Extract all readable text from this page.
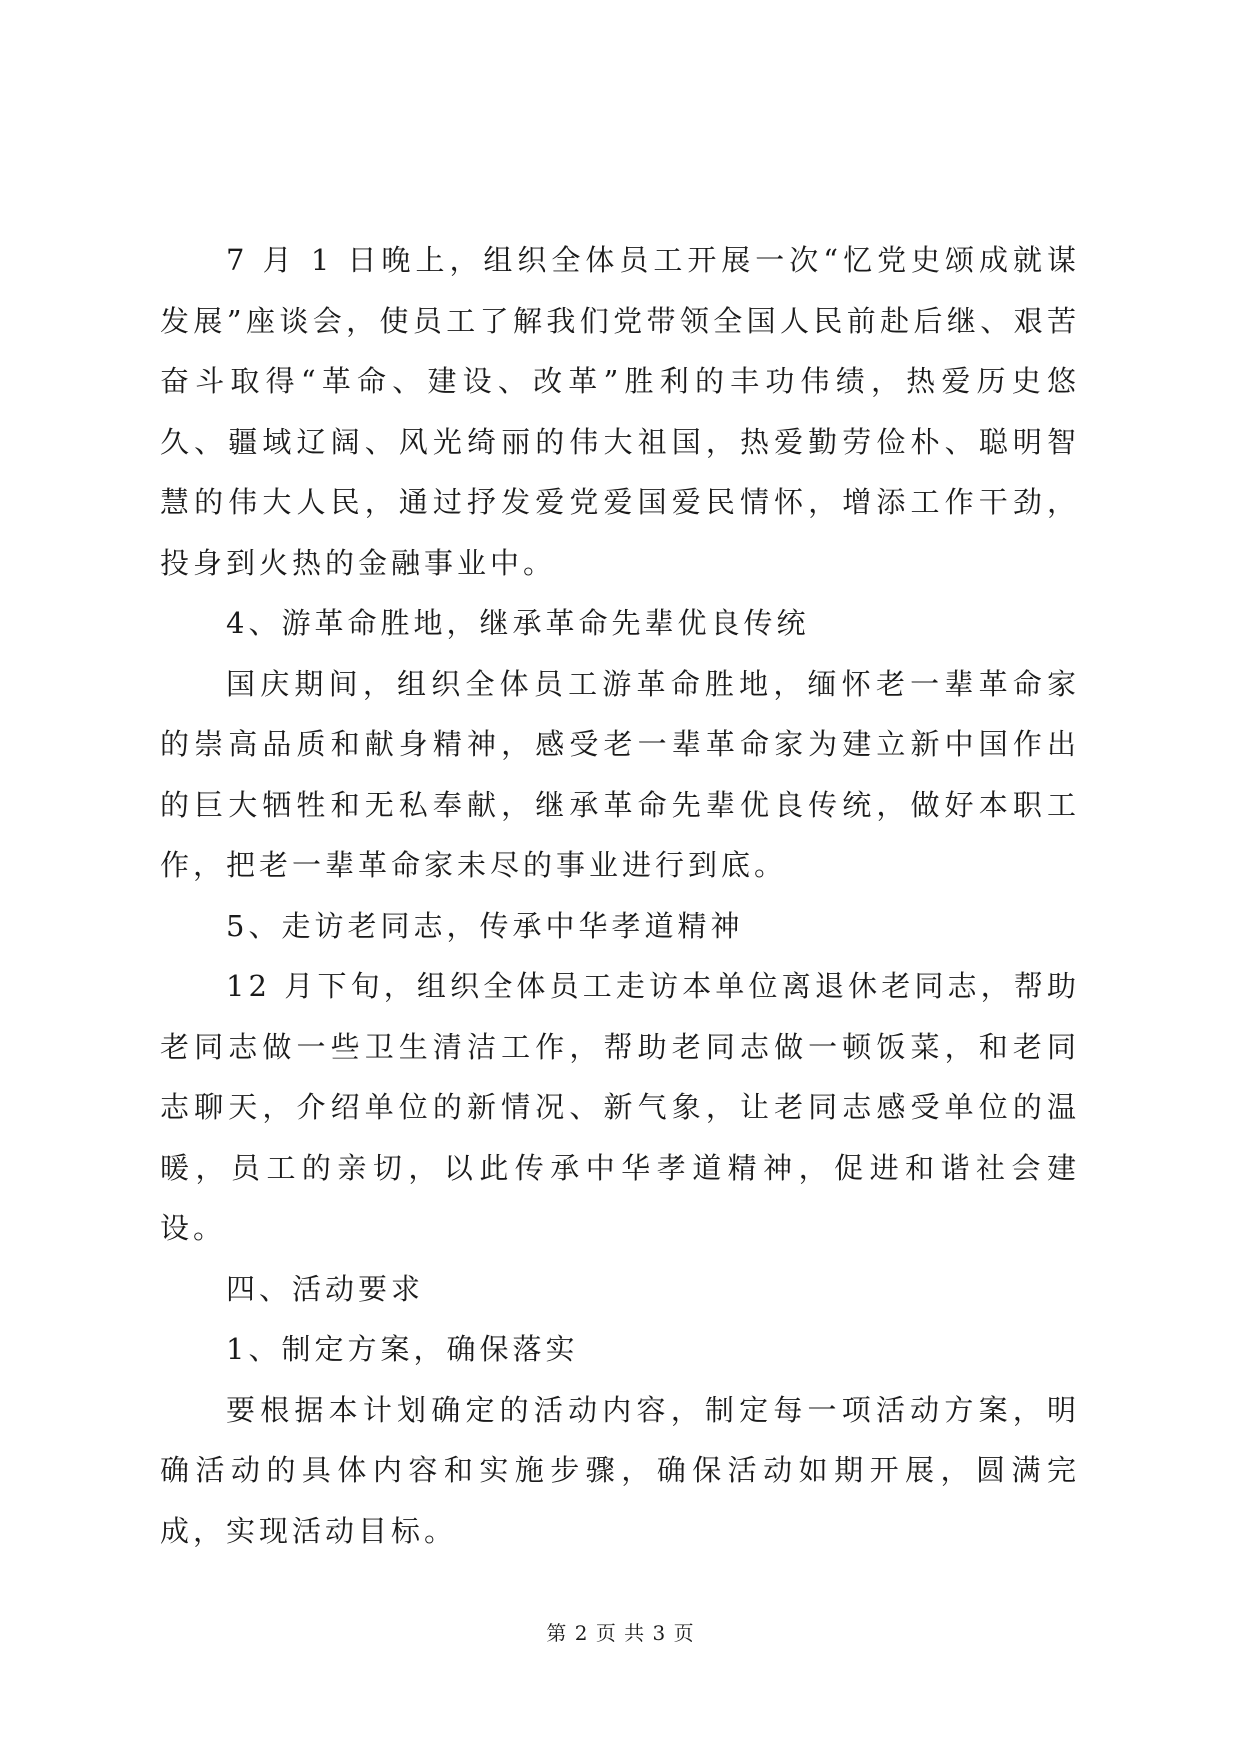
7 月 1 日晚上，组织全体员工开展一次“忆党史颂成就谋发展”座谈会，使员工了解我们党带领全国人民前赴后继、艰苦奋斗取得“革命、建设、改革”胜利的丰功伟绩，热爱历史悠久、疆域辽阔、风光绮丽的伟大祖国，热爱勤劳俭朴、聪明智慧的伟大人民，通过抒发爱党爱国爱民情怀，增添工作干劲，投身到火热的金融事业中。

4、游革命胜地，继承革命先辈优良传统

国庆期间，组织全体员工游革命胜地，缅怀老一辈革命家的崇高品质和献身精神，感受老一辈革命家为建立新中国作出的巨大牺牲和无私奉献，继承革命先辈优良传统，做好本职工作，把老一辈革命家未尽的事业进行到底。

5、走访老同志，传承中华孝道精神

12 月下旬，组织全体员工走访本单位离退休老同志，帮助老同志做一些卫生清洁工作，帮助老同志做一顿饭菜，和老同志聊天，介绍单位的新情况、新气象，让老同志感受单位的温暖，员工的亲切，以此传承中华孝道精神，促进和谐社会建设。

四、活动要求

1、制定方案，确保落实

要根据本计划确定的活动内容，制定每一项活动方案，明确活动的具体内容和实施步骤，确保活动如期开展，圆满完成，实现活动目标。

第 2 页 共 3 页
